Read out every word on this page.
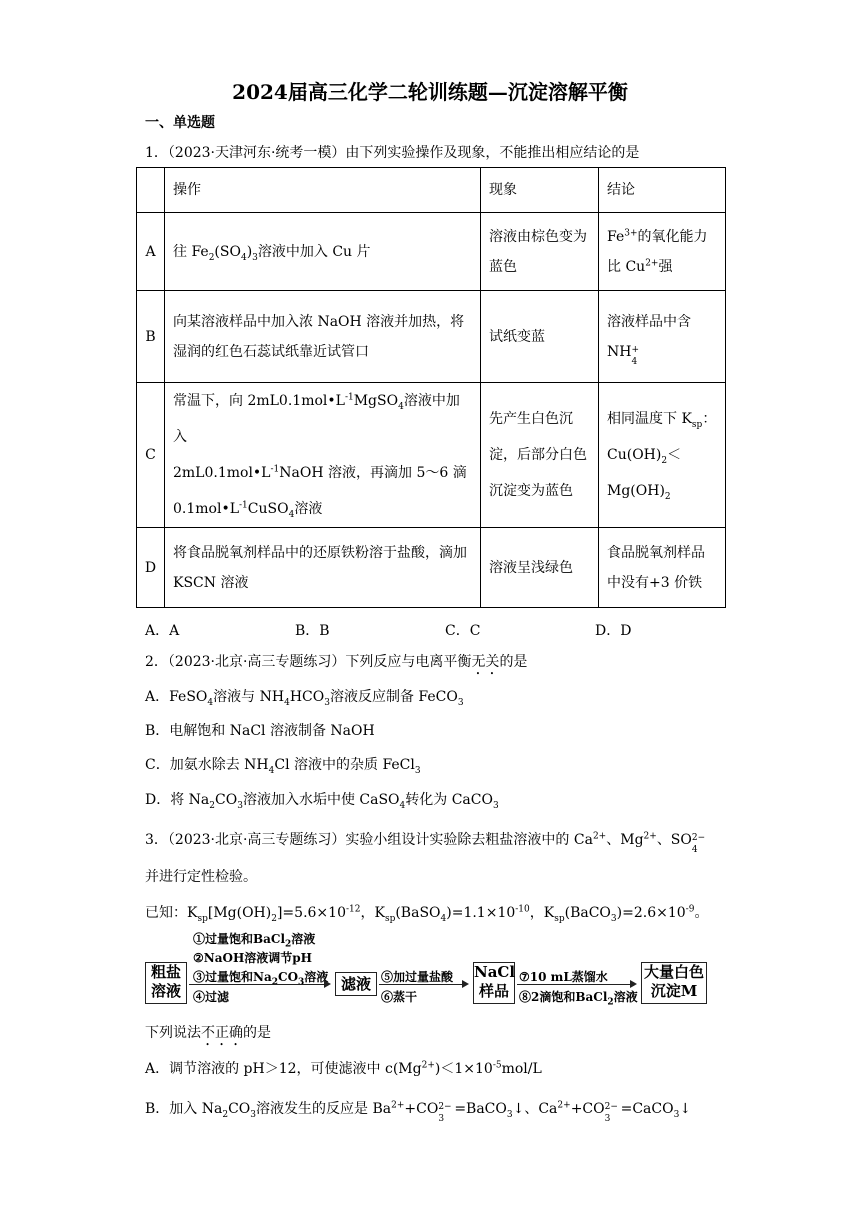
2024届高三化学二轮训练题—沉淀溶解平衡
一、单选题
1．（2023·天津河东·统考一模）由下列实验操作及现象，不能推出相应结论的是
	操作	现象	结论
A	往 $Fe_2(SO_4)_3$溶液中加入 Cu 片	溶液由棕色变为蓝色	$Fe^{3+}$的氧化能力比 $Cu^{2+}$强
B	向某溶液样品中加入浓 NaOH 溶液并加热，将湿润的红色石蕊试纸靠近试管口	试纸变蓝	溶液样品中含
NH +
4

C	常温下，向 $2mL0.1mol•L^{-1}MgSO_4$溶液中加入
$2mL0.1mol•L^{-1}NaOH$ 溶液，再滴加 5～6 滴
$0.1mol•L^{-1}CuSO_4$溶液	先产生白色沉淀，后部分白色沉淀变为蓝色	相同温度下 $K_{sp}$：
$Cu(OH)_2<$
$Mg(OH)_2$
D	将食品脱氧剂样品中的还原铁粉溶于盐酸，滴加 KSCN 溶液	溶液呈浅绿色	食品脱氧剂样品中没有+3 价铁
A．A	B．B	C．C	D．D
2．（2023·北京·高三专题练习）下列反应与电离平衡无关的是
A．FeSO$_4$溶液与 $NH_4HCO_3$溶液反应制备 FeCO$_3$
B．电解饱和 NaCl 溶液制备 NaOH
C．加氨水除去 $NH_4Cl$ 溶液中的杂质 FeCl$_3$
D．将 $Na_2CO_3$溶液加入水垢中使 CaSO$_4$转化为 CaCO$_3$
3．（2023·北京·高三专题练习）实验小组设计实验除去粗盐溶液中的 $Ca^{2+}$、$Mg^{2+}$、SO 2−
4
并进行定性检验。
已知：$K_{sp}[Mg(OH)_2]=5.6\times 10^{-12}$，$K_{sp}(BaSO_4)=1.1\times 10^{-10}$，$K_{sp}(BaCO_3)=2.6\times 10^{-9}$。
粗盐溶液
①过量饱和BaCl$_2$溶液
②NaOH溶液调节pH
③过量饱和$Na_2CO_3$溶液
④过滤
滤液 ⑤加过量盐酸
⑥蒸干
NaCl样品
⑦10 mL蒸馏水
⑧2滴饱和BaCl$_2$溶液
大量白色沉淀M
下列说法不正确的是
A．调节溶液的 pH＞12，可使滤液中 $c(Mg^{2+})<1\times 10^{-5}mol/L$
B．加入 $Na_2CO_3$溶液发生的反应是 $Ba^{2+}+CO$ 2−
3
=BaCO$_3$↓、$Ca^{2+}+CO$ 2−
3
=CaCO$_3$↓
